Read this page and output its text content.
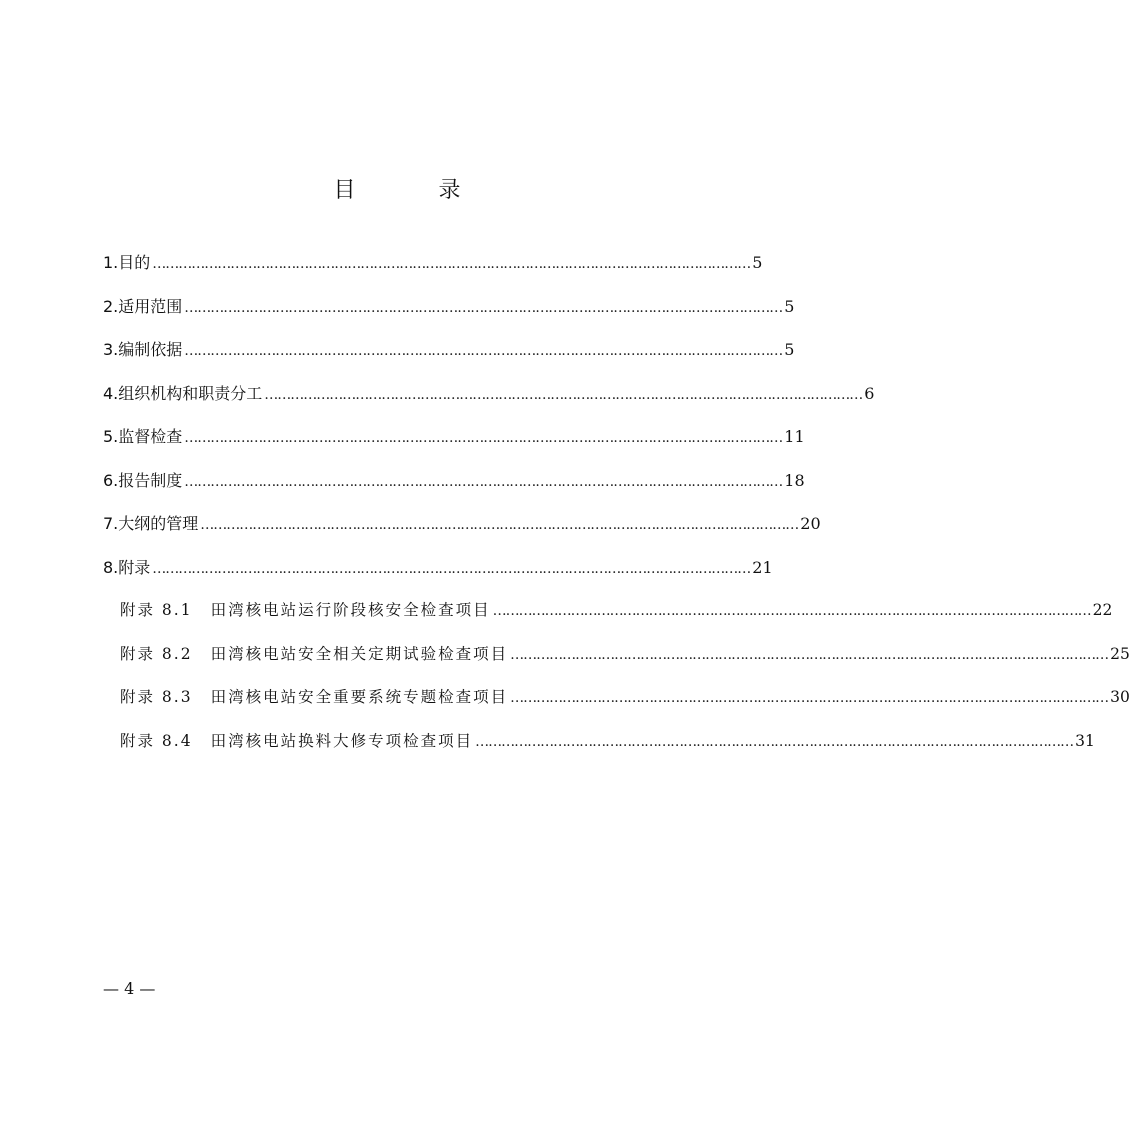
目 录
1.目的 ………………………………………………………………………………………………………………………… 5
2.适用范围 ………………………………………………………………………………………………………………………… 5
3.编制依据 ………………………………………………………………………………………………………………………… 5
4.组织机构和职责分工 ………………………………………………………………………………………………………………………… 6
5.监督检查 ………………………………………………………………………………………………………………………… 11
6.报告制度 ………………………………………………………………………………………………………………………… 18
7.大纲的管理 ………………………………………………………………………………………………………………………… 20
8.附录 ………………………………………………………………………………………………………………………… 21
附录 8.1 田湾核电站运行阶段核安全检查项目 ………………………………………………………………………………………………………………………… 22
附录 8.2 田湾核电站安全相关定期试验检查项目 ………………………………………………………………………………………………………………………… 25
附录 8.3 田湾核电站安全重要系统专题检查项目 ………………………………………………………………………………………………………………………… 30
附录 8.4 田湾核电站换料大修专项检查项目 ………………………………………………………………………………………………………………………… 31
— 4 —
